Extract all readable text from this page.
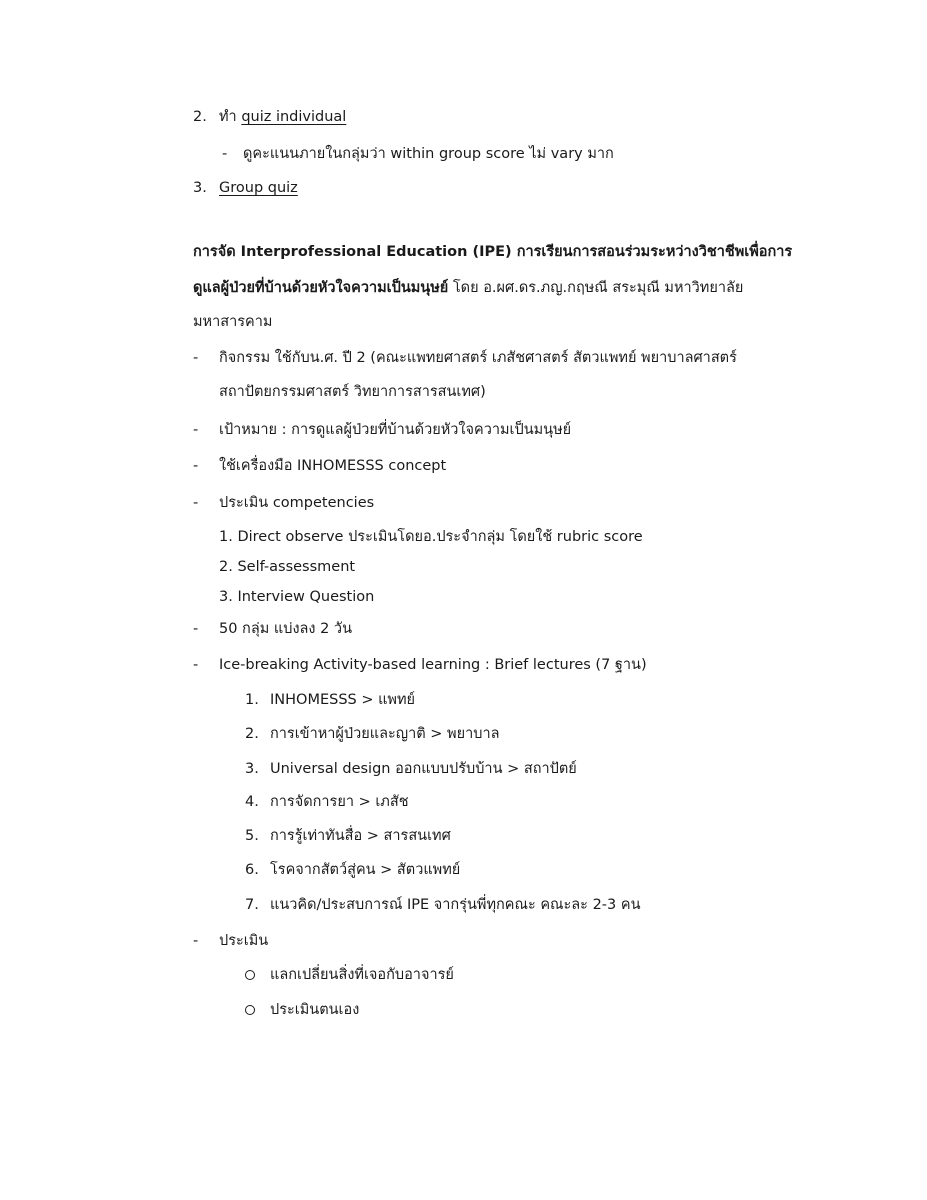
2. ทำ quiz individual
- ดูคะแนนภายในกลุ่มว่า within group score ไม่ vary มาก
3. Group quiz
การจัด Interprofessional Education (IPE) การเรียนการสอนร่วมระหว่างวิชาชีพเพื่อการ
ดูแลผู้ป่วยที่บ้านด้วยหัวใจความเป็นมนุษย์ โดย อ.ผศ.ดร.ภญ.กฤษณี สระมุณี มหาวิทยาลัย
มหาสารคาม
- กิจกรรม ใช้กับน.ศ. ปี 2 (คณะแพทยศาสตร์ เภสัชศาสตร์ สัตวแพทย์ พยาบาลศาสตร์
สถาปัตยกรรมศาสตร์ วิทยาการสารสนเทศ)
- เป้าหมาย : การดูแลผู้ป่วยที่บ้านด้วยหัวใจความเป็นมนุษย์
- ใช้เครื่องมือ INHOMESSS concept
- ประเมิน competencies
1. Direct observe ประเมินโดยอ.ประจำกลุ่ม โดยใช้ rubric score
2. Self-assessment
3. Interview Question
- 50 กลุ่ม แบ่งลง 2 วัน
- Ice-breaking Activity-based learning : Brief lectures (7 ฐาน)
1. INHOMESSS > แพทย์
2. การเข้าหาผู้ป่วยและญาติ > พยาบาล
3. Universal design ออกแบบปรับบ้าน > สถาปัตย์
4. การจัดการยา > เภสัช
5. การรู้เท่าทันสื่อ > สารสนเทศ
6. โรคจากสัตว์สู่คน > สัตวแพทย์
7. แนวคิด/ประสบการณ์ IPE จากรุ่นพี่ทุกคณะ คณะละ 2-3 คน
- ประเมิน
แลกเปลี่ยนสิ่งที่เจอกับอาจารย์
ประเมินตนเอง
